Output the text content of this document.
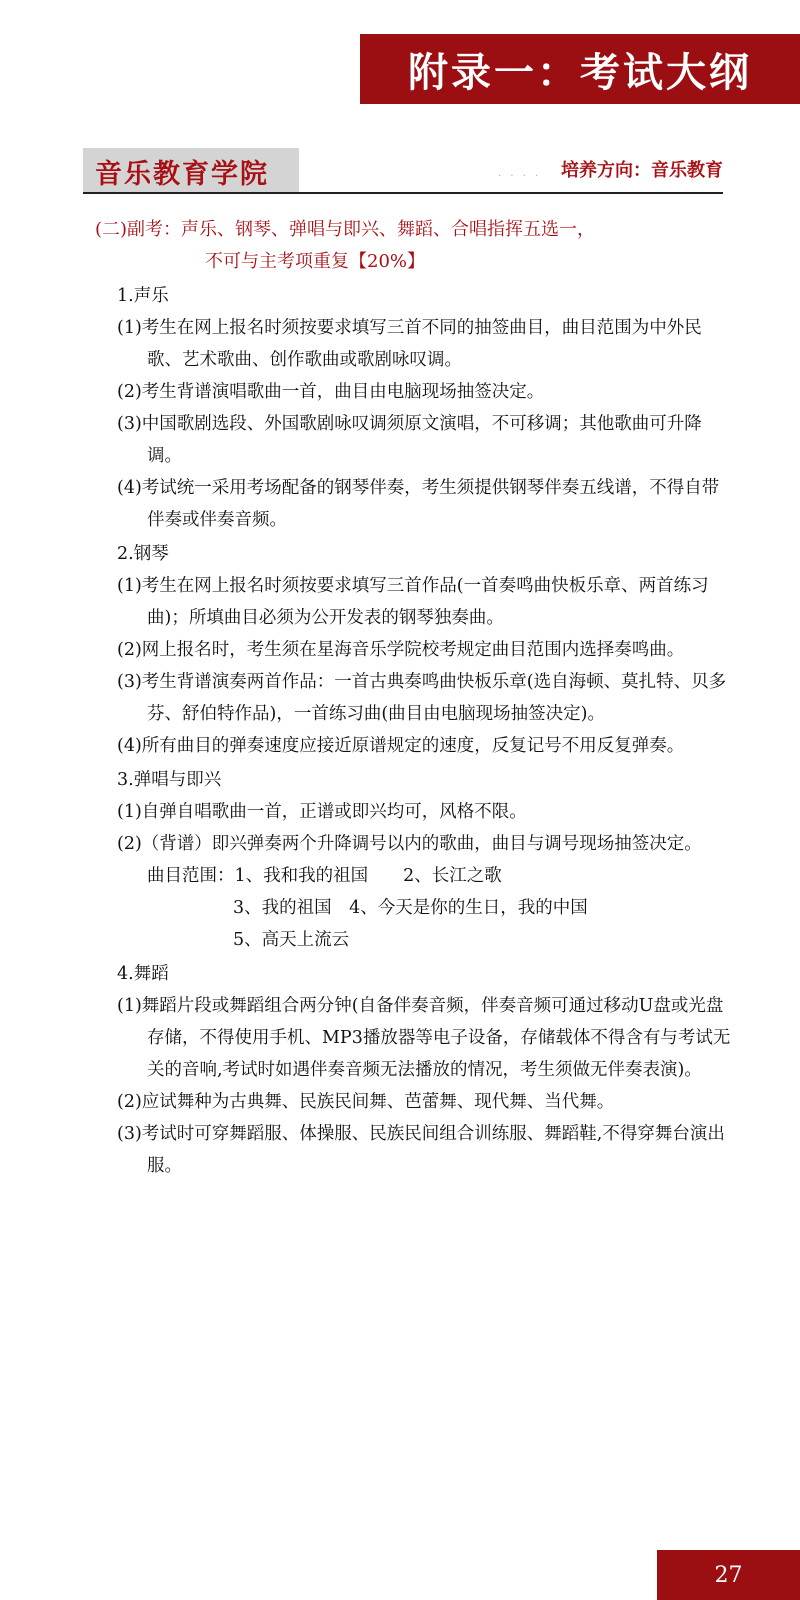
附录一：考试大纲
音乐教育学院	. . . . 培养方向：音乐教育
(二)副考：声乐、钢琴、弹唱与即兴、舞蹈、合唱指挥五选一，
不可与主考项重复【20%】
1.声乐
(1)考生在网上报名时须按要求填写三首不同的抽签曲目，曲目范围为中外民歌、艺术歌曲、创作歌曲或歌剧咏叹调。
(2)考生背谱演唱歌曲一首，曲目由电脑现场抽签决定。
(3)中国歌剧选段、外国歌剧咏叹调须原文演唱，不可移调；其他歌曲可升降调。
(4)考试统一采用考场配备的钢琴伴奏，考生须提供钢琴伴奏五线谱，不得自带伴奏或伴奏音频。
2.钢琴
(1)考生在网上报名时须按要求填写三首作品(一首奏鸣曲快板乐章、两首练习曲)；所填曲目必须为公开发表的钢琴独奏曲。
(2)网上报名时，考生须在星海音乐学院校考规定曲目范围内选择奏鸣曲。
(3)考生背谱演奏两首作品：一首古典奏鸣曲快板乐章(选自海顿、莫扎特、贝多芬、舒伯特作品)，一首练习曲(曲目由电脑现场抽签决定)。
(4)所有曲目的弹奏速度应接近原谱规定的速度，反复记号不用反复弹奏。
3.弹唱与即兴
(1)自弹自唱歌曲一首，正谱或即兴均可，风格不限。
(2)（背谱）即兴弹奏两个升降调号以内的歌曲，曲目与调号现场抽签决定。
曲目范围：1、我和我的祖国　　2、长江之歌
3、我的祖国　4、今天是你的生日，我的中国
5、高天上流云
4.舞蹈
(1)舞蹈片段或舞蹈组合两分钟(自备伴奏音频，伴奏音频可通过移动U盘或光盘存储，不得使用手机、MP3播放器等电子设备，存储载体不得含有与考试无关的音响,考试时如遇伴奏音频无法播放的情况，考生须做无伴奏表演)。
(2)应试舞种为古典舞、民族民间舞、芭蕾舞、现代舞、当代舞。
(3)考试时可穿舞蹈服、体操服、民族民间组合训练服、舞蹈鞋,不得穿舞台演出服。
27
